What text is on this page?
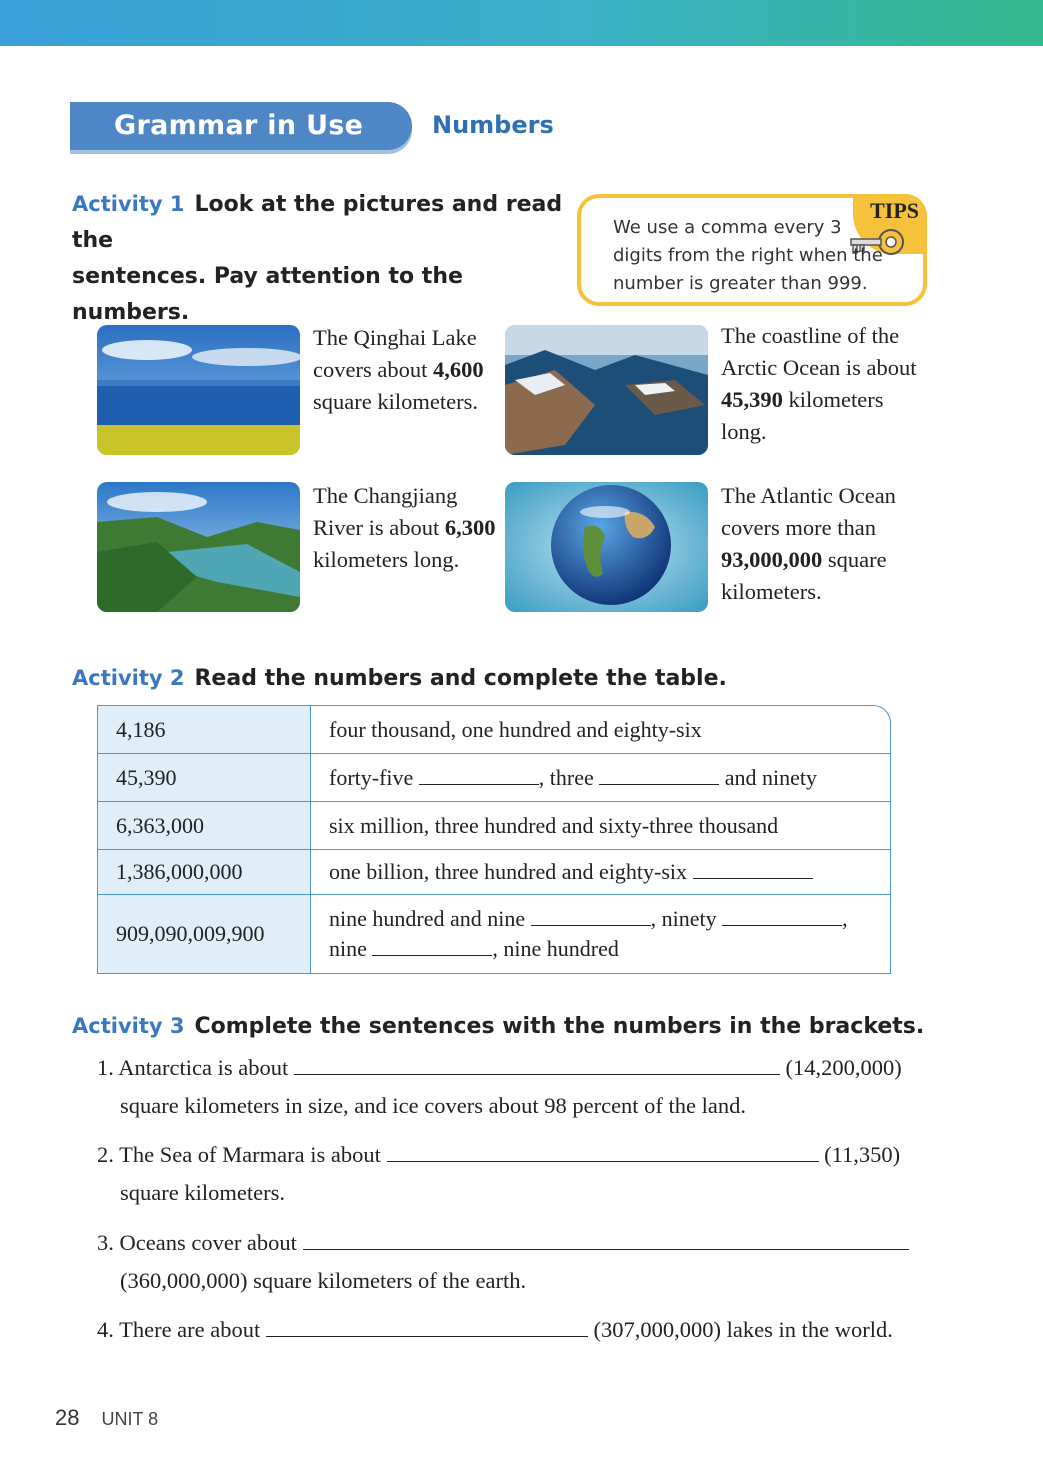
Grammar in Use	Numbers
Activity 1 Look at the pictures and read the
sentences. Pay attention to the numbers.
TIPS
We use a comma every 3 digits from the right when the number is greater than 999.
The Qinghai Lake covers about 4,600 square kilometers.
The coastline of the Arctic Ocean is about 45,390 kilometers long.
The Changjiang River is about 6,300 kilometers long.
The Atlantic Ocean covers more than 93,000,000 square kilometers.
Activity 2 Read the numbers and complete the table.
4,186	four thousand, one hundred and eighty-six
45,390	forty-five , three and ninety
6,363,000	six million, three hundred and sixty-three thousand
1,386,000,000	one billion, three hundred and eighty-six
909,090,009,900	nine hundred and nine , ninety ,
nine , nine hundred
Activity 3 Complete the sentences with the numbers in the brackets.
1. Antarctica is about	(14,200,000)
square kilometers in size, and ice covers about 98 percent of the land.
2. The Sea of Marmara is about	(11,350)
square kilometers.
3. Oceans cover about
(360,000,000) square kilometers of the earth.
4. There are about	(307,000,000) lakes in the world.
28 UNIT 8
